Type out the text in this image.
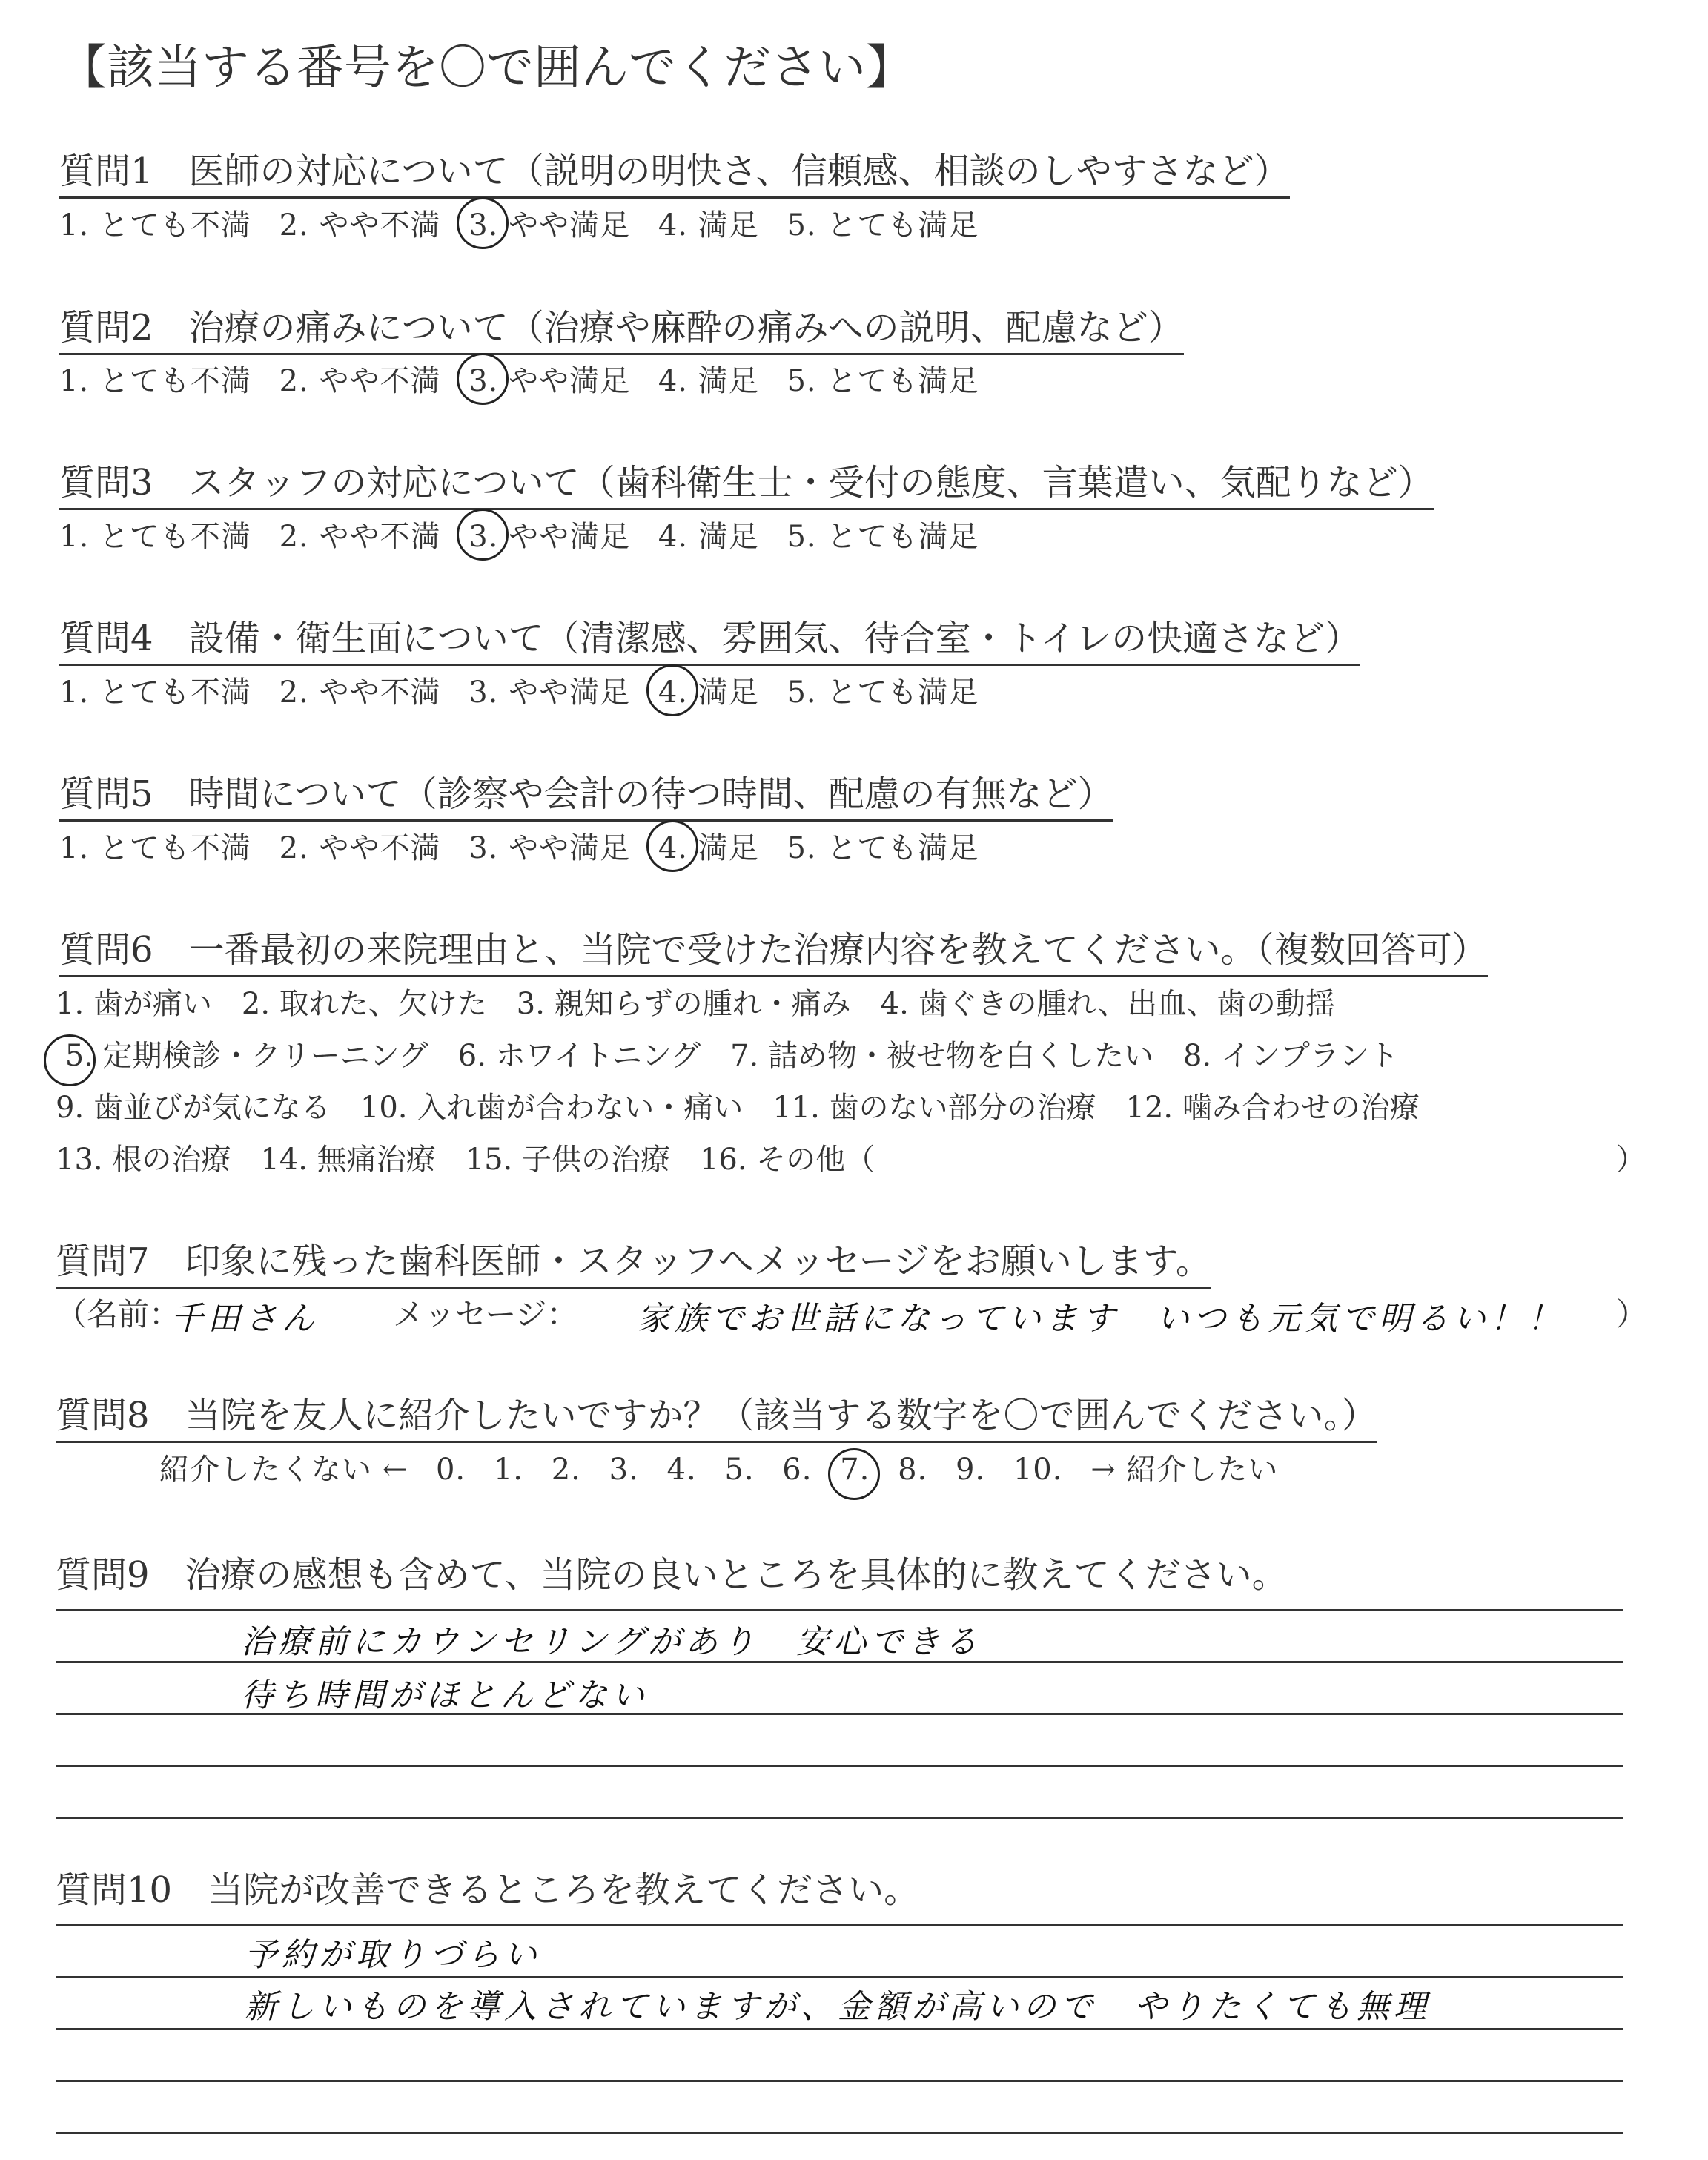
【該当する番号を〇で囲んでください】
質問1　医師の対応について（説明の明快さ、信頼感、相談のしやすさなど）
1. とても不満 2. やや不満 3. やや満足 4. 満足 5. とても満足
質問2　治療の痛みについて（治療や麻酔の痛みへの説明、配慮など）
1. とても不満 2. やや不満 3. やや満足 4. 満足 5. とても満足
質問3　スタッフの対応について（歯科衛生士・受付の態度、言葉遣い、気配りなど）
1. とても不満 2. やや不満 3. やや満足 4. 満足 5. とても満足
質問4　設備・衛生面について（清潔感、雰囲気、待合室・トイレの快適さなど）
1. とても不満 2. やや不満 3. やや満足 4. 満足 5. とても満足
質問5　時間について（診察や会計の待つ時間、配慮の有無など）
1. とても不満 2. やや不満 3. やや満足 4. 満足 5. とても満足
質問6　一番最初の来院理由と、当院で受けた治療内容を教えてください。（複数回答可）
1. 歯が痛い　2. 取れた、欠けた　3. 親知らずの腫れ・痛み　4. 歯ぐきの腫れ、出血、歯の動揺
5. 定期検診・クリーニング　6. ホワイトニング　7. 詰め物・被せ物を白くしたい　8. インプラント
9. 歯並びが気になる　10. 入れ歯が合わない・痛い　11. 歯のない部分の治療　12. 噛み合わせの治療
13. 根の治療　14. 無痛治療　15. 子供の治療　16. その他（	）
質問7　印象に残った歯科医師・スタッフへメッセージをお願いします。
（名前：
千田さん メッセージ： 家族でお世話になっています　いつも元気で明るい！！ ）
質問8　当院を友人に紹介したいですか？（該当する数字を〇で囲んでください。）
紹介したくない ← 0. 1. 2. 3. 4. 5. 6. 7. 8. 9. 10. → 紹介したい
質問9　治療の感想も含めて、当院の良いところを具体的に教えてください。
治療前にカウンセリングがあり　安心できる
待ち時間がほとんどない
質問10　当院が改善できるところを教えてください。
予約が取りづらい
新しいものを導入されていますが、金額が高いので　やりたくても無理
